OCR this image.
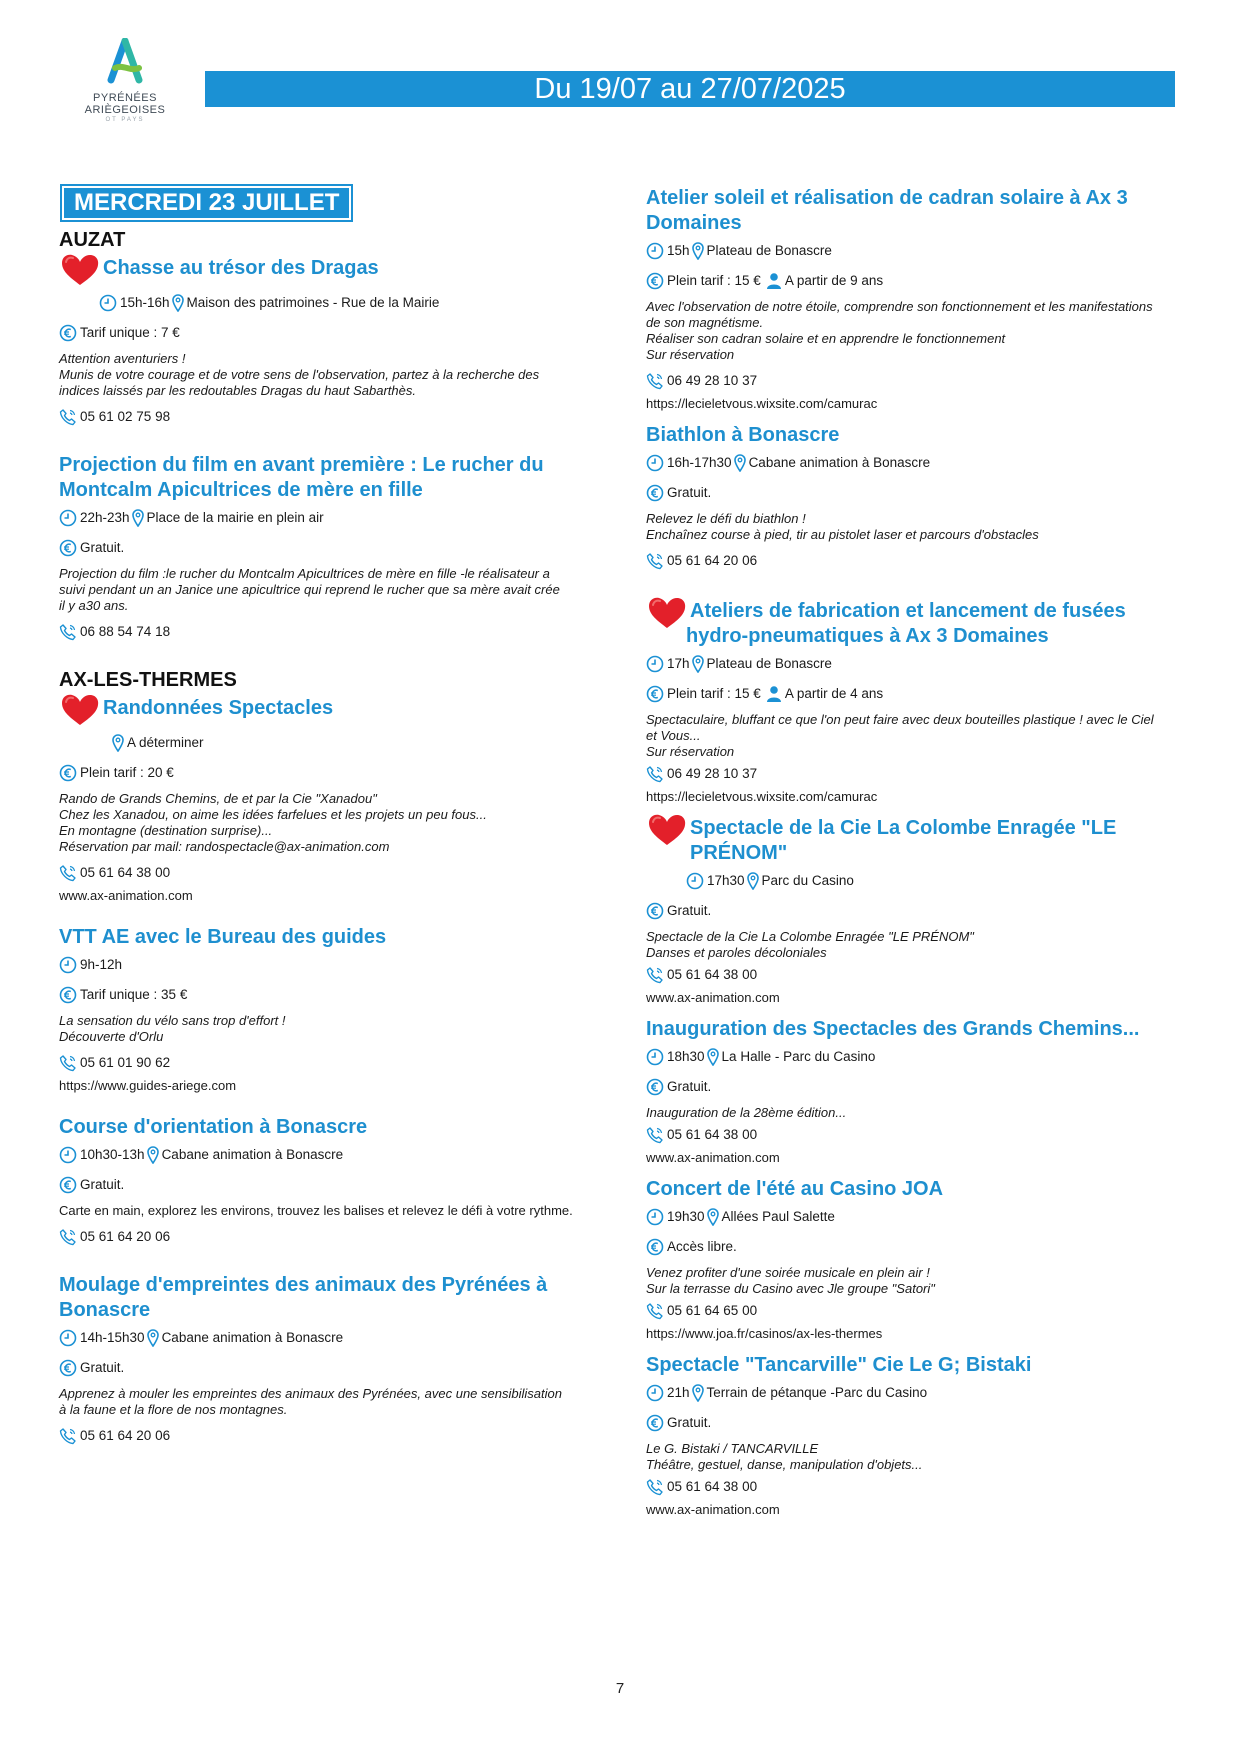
PYRÉNÉES
ARIÈGEOISES
OT PAYS
Du 19/07 au 27/07/2025
MERCREDI 23 JUILLET
AUZAT
Chasse au trésor des Dragas
15h-16h Maison des patrimoines - Rue de la Mairie
Tarif unique : 7 €
Attention aventuriers !
Munis de votre courage et de votre sens de l'observation, partez à la recherche des
indices laissés par les redoutables Dragas du haut Sabarthès.
05 61 02 75 98
Projection du film en avant première : Le rucher du Montcalm Apicultrices de mère en fille
22h-23h Place de la mairie en plein air
Gratuit.
Projection du film :le rucher du Montcalm Apicultrices de mère en fille -le réalisateur a
suivi pendant un an Janice une apicultrice qui reprend le rucher que sa mère avait crée
il y a30 ans.
06 88 54 74 18
AX-LES-THERMES
Randonnées Spectacles
A déterminer
Plein tarif : 20 €
Rando de Grands Chemins, de et par la Cie "Xanadou"
Chez les Xanadou, on aime les idées farfelues et les projets un peu fous...
En montagne (destination surprise)...
Réservation par mail: randospectacle@ax-animation.com
05 61 64 38 00
www.ax-animation.com
VTT AE avec le Bureau des guides
9h-12h
Tarif unique : 35 €
La sensation du vélo sans trop d'effort !
Découverte d'Orlu
05 61 01 90 62
https://www.guides-ariege.com
Course d'orientation à Bonascre
10h30-13h Cabane animation à Bonascre
Gratuit.
Carte en main, explorez les environs, trouvez les balises et relevez le défi à votre rythme.
05 61 64 20 06
Moulage d'empreintes des animaux des Pyrénées à Bonascre
14h-15h30 Cabane animation à Bonascre
Gratuit.
Apprenez à mouler les empreintes des animaux des Pyrénées, avec une sensibilisation
à la faune et la flore de nos montagnes.
05 61 64 20 06
Atelier soleil et réalisation de cadran solaire à Ax 3 Domaines
15h Plateau de Bonascre
Plein tarif : 15 € A partir de 9 ans
Avec l'observation de notre étoile, comprendre son fonctionnement et les manifestations
de son magnétisme.
Réaliser son cadran solaire et en apprendre le fonctionnement
Sur réservation
06 49 28 10 37
https://lecieletvous.wixsite.com/camurac
Biathlon à Bonascre
16h-17h30 Cabane animation à Bonascre
Gratuit.
Relevez le défi du biathlon !
Enchaînez course à pied, tir au pistolet laser et parcours d'obstacles
05 61 64 20 06
Ateliers de fabrication et lancement de fusées
hydro-pneumatiques à Ax 3 Domaines
17h Plateau de Bonascre
Plein tarif : 15 € A partir de 4 ans
Spectaculaire, bluffant ce que l'on peut faire avec deux bouteilles plastique ! avec le Ciel
et Vous...
Sur réservation
06 49 28 10 37
https://lecieletvous.wixsite.com/camurac
Spectacle de la Cie La Colombe Enragée "LE PRÉNOM"
17h30 Parc du Casino
Gratuit.
Spectacle de la Cie La Colombe Enragée "LE PRÉNOM"
Danses et paroles décoloniales
05 61 64 38 00
www.ax-animation.com
Inauguration des Spectacles des Grands Chemins...
18h30 La Halle - Parc du Casino
Gratuit.
Inauguration de la 28ème édition...
05 61 64 38 00
www.ax-animation.com
Concert de l'été au Casino JOA
19h30 Allées Paul Salette
Accès libre.
Venez profiter d'une soirée musicale en plein air !
Sur la terrasse du Casino avec Jle groupe "Satori"
05 61 64 65 00
https://www.joa.fr/casinos/ax-les-thermes
Spectacle "Tancarville" Cie Le G; Bistaki
21h Terrain de pétanque -Parc du Casino
Gratuit.
Le G. Bistaki / TANCARVILLE
Théâtre, gestuel, danse, manipulation d'objets...
05 61 64 38 00
www.ax-animation.com
7
